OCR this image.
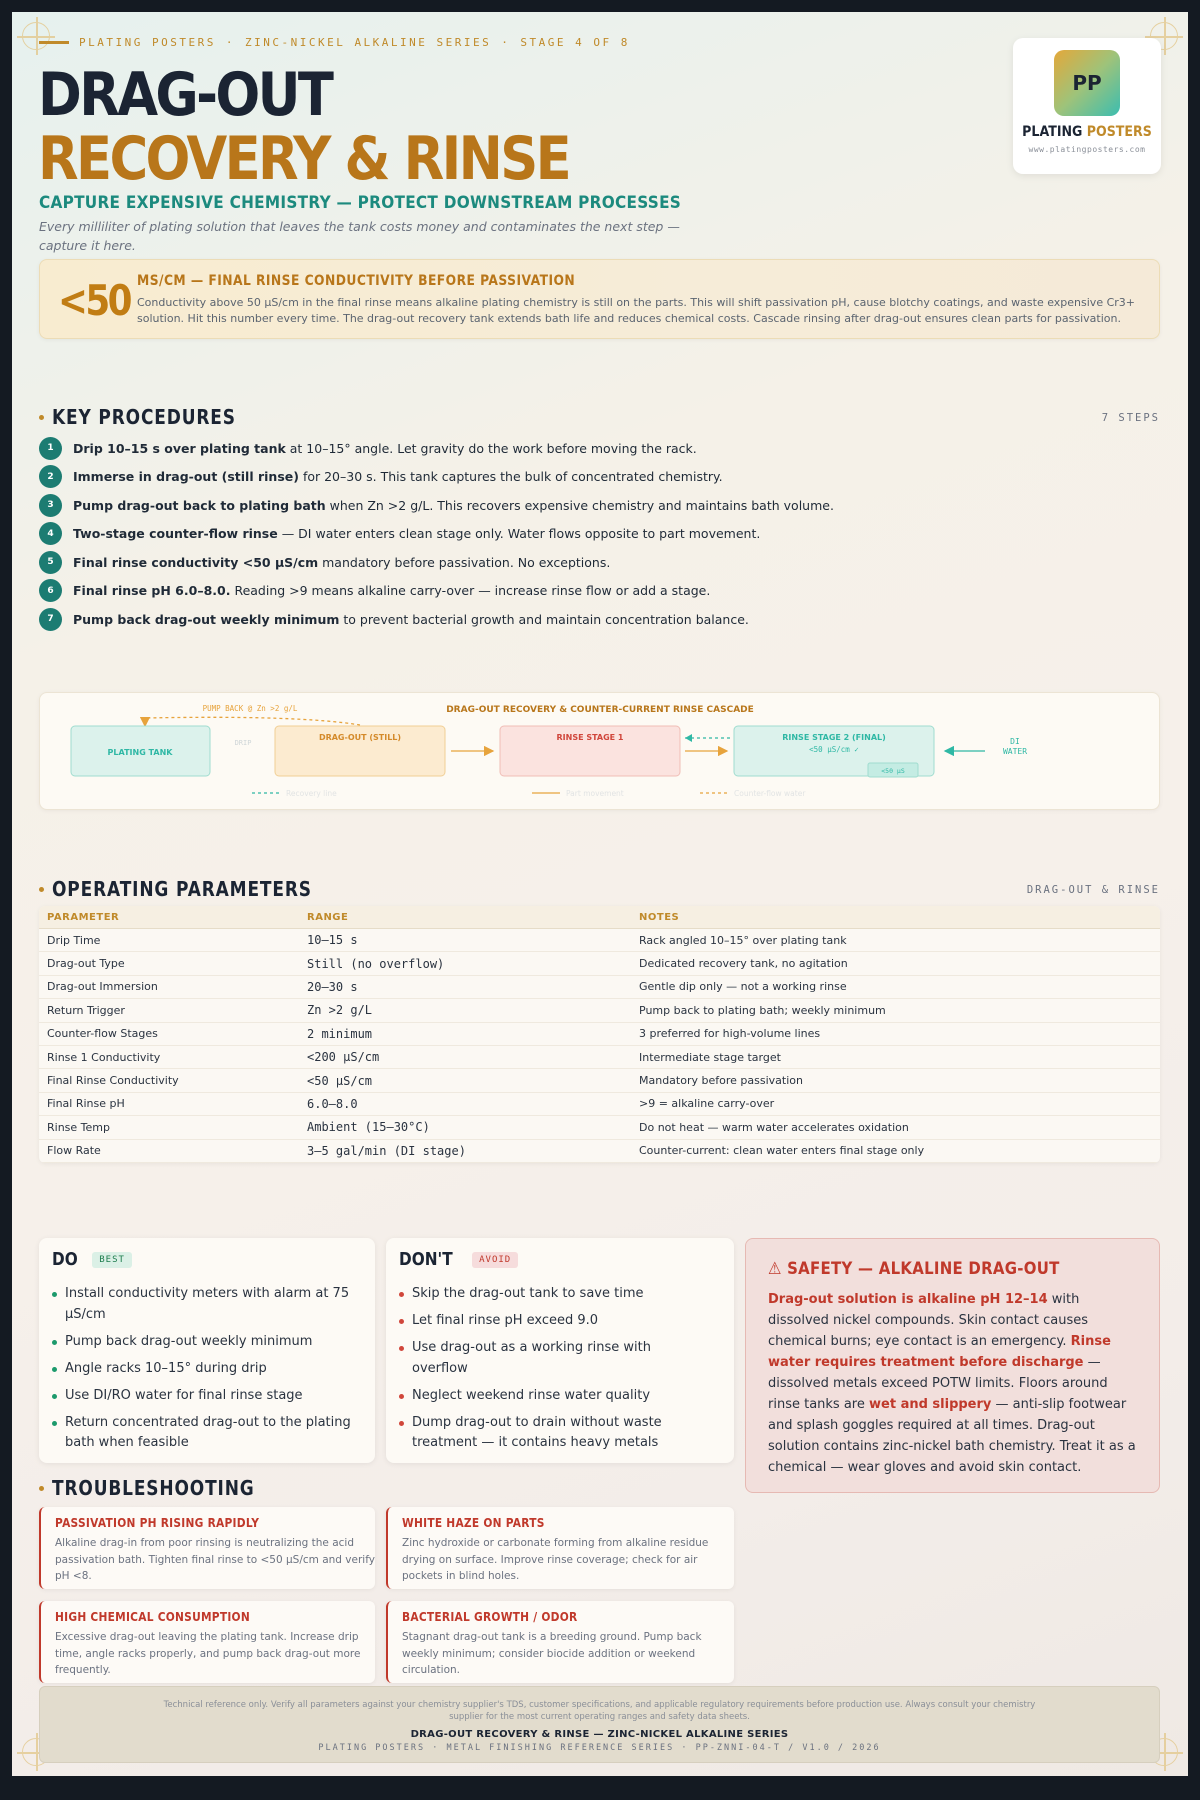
PLATING POSTERS · ZINC-NICKEL ALKALINE SERIES · STAGE 4 OF 8
DRAG-OUT
RECOVERY & RINSE
CAPTURE EXPENSIVE CHEMISTRY — PROTECT DOWNSTREAM PROCESSES
Every milliliter of plating solution that leaves the tank costs money and contaminates the next step — capture it here.
PP
PLATING POSTERS
www.platingposters.com
<50 MS/CM — FINAL RINSE CONDUCTIVITY BEFORE PASSIVATION
Conductivity above 50 µS/cm in the final rinse means alkaline plating chemistry is still on the parts. This will shift passivation pH, cause blotchy coatings, and waste expensive Cr3+ solution. Hit this number every time. The drag-out recovery tank extends bath life and reduces chemical costs. Cascade rinsing after drag-out ensures clean parts for passivation.
KEY PROCEDURES	7 STEPS
1	Drip 10–15 s over plating tank at 10–15° angle. Let gravity do the work before moving the rack.
2	Immerse in drag-out (still rinse) for 20–30 s. This tank captures the bulk of concentrated chemistry.
3	Pump drag-out back to plating bath when Zn >2 g/L. This recovers expensive chemistry and maintains bath volume.
4	Two-stage counter-flow rinse — DI water enters clean stage only. Water flows opposite to part movement.
5	Final rinse conductivity <50 µS/cm mandatory before passivation. No exceptions.
6	Final rinse pH 6.0–8.0. Reading >9 means alkaline carry-over — increase rinse flow or add a stage.
7	Pump back drag-out weekly minimum to prevent bacterial growth and maintain concentration balance.
DRAG-OUT RECOVERY & COUNTER-CURRENT RINSE CASCADE
PUMP BACK @ Zn >2 g/L
PLATING TANK
DRIP
DRAG-OUT (STILL)	RINSE STAGE 1	RINSE STAGE 2 (FINAL)
<50 µS/cm ✓
<50 µS
DI
WATER
Recovery line	Part movement	Counter-flow water
OPERATING PARAMETERS	DRAG-OUT & RINSE
PARAMETER	RANGE	NOTES
Drip Time	10–15 s	Rack angled 10–15° over plating tank
Drag-out Type	Still (no overflow)	Dedicated recovery tank, no agitation
Drag-out Immersion	20–30 s	Gentle dip only — not a working rinse
Return Trigger	Zn >2 g/L	Pump back to plating bath; weekly minimum
Counter-flow Stages	2 minimum	3 preferred for high-volume lines
Rinse 1 Conductivity	<200 µS/cm	Intermediate stage target
Final Rinse Conductivity	<50 µS/cm	Mandatory before passivation
Final Rinse pH	6.0–8.0	>9 = alkaline carry-over
Rinse Temp	Ambient (15–30°C)	Do not heat — warm water accelerates oxidation
Flow Rate	3–5 gal/min (DI stage)	Counter-current: clean water enters final stage only
DO	BEST
Install conductivity meters with alarm at 75 µS/cm
Pump back drag-out weekly minimum
Angle racks 10–15° during drip
Use DI/RO water for final rinse stage
Return concentrated drag-out to the plating bath when feasible
DON'T	AVOID
Skip the drag-out tank to save time
Let final rinse pH exceed 9.0
Use drag-out as a working rinse with overflow
Neglect weekend rinse water quality
Dump drag-out to drain without waste treatment — it contains heavy metals
⚠ SAFETY — ALKALINE DRAG-OUT
Drag-out solution is alkaline pH 12–14 with dissolved nickel compounds. Skin contact causes chemical burns; eye contact is an emergency. Rinse water requires treatment before discharge — dissolved metals exceed POTW limits. Floors around rinse tanks are wet and slippery — anti-slip footwear and splash goggles required at all times. Drag-out solution contains zinc-nickel bath chemistry. Treat it as a chemical — wear gloves and avoid skin contact.
TROUBLESHOOTING
PASSIVATION PH RISING RAPIDLY
Alkaline drag-in from poor rinsing is neutralizing the acid passivation bath. Tighten final rinse to <50 µS/cm and verify pH <8.
WHITE HAZE ON PARTS
Zinc hydroxide or carbonate forming from alkaline residue drying on surface. Improve rinse coverage; check for air pockets in blind holes.
HIGH CHEMICAL CONSUMPTION
Excessive drag-out leaving the plating tank. Increase drip time, angle racks properly, and pump back drag-out more frequently.
BACTERIAL GROWTH / ODOR
Stagnant drag-out tank is a breeding ground. Pump back weekly minimum; consider biocide addition or weekend circulation.
Technical reference only. Verify all parameters against your chemistry supplier's TDS, customer specifications, and applicable regulatory requirements before production use. Always consult your chemistry supplier for the most current operating ranges and safety data sheets.
DRAG-OUT RECOVERY & RINSE — ZINC-NICKEL ALKALINE SERIES
PLATING POSTERS · METAL FINISHING REFERENCE SERIES · PP-ZNNI-04-T / V1.0 / 2026
